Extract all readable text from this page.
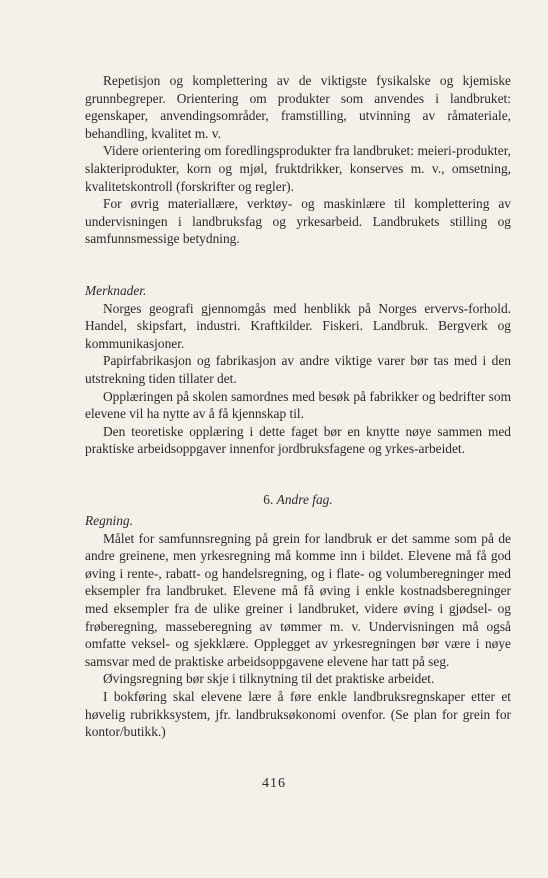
Repetisjon og komplettering av de viktigste fysikalske og kjemiske grunnbegreper. Orientering om produkter som anvendes i landbruket: egenskaper, anvendingsområder, framstilling, utvinning av råmateriale, behandling, kvalitet m. v.

Videre orientering om foredlingsprodukter fra landbruket: meieri-produkter, slakteriprodukter, korn og mjøl, fruktdrikker, konserves m. v., omsetning, kvalitetskontroll (forskrifter og regler).

For øvrig materiallære, verktøy- og maskinlære til komplettering av undervisningen i landbruksfag og yrkesarbeid. Landbrukets stilling og samfunnsmessige betydning.

Merknader.

Norges geografi gjennomgås med henblikk på Norges ervervs-forhold. Handel, skipsfart, industri. Kraftkilder. Fiskeri. Landbruk. Bergverk og kommunikasjoner.

Papirfabrikasjon og fabrikasjon av andre viktige varer bør tas med i den utstrekning tiden tillater det.

Opplæringen på skolen samordnes med besøk på fabrikker og bedrifter som elevene vil ha nytte av å få kjennskap til.

Den teoretiske opplæring i dette faget bør en knytte nøye sammen med praktiske arbeidsoppgaver innenfor jordbruksfagene og yrkes-arbeidet.

6. Andre fag.

Regning.

Målet for samfunnsregning på grein for landbruk er det samme som på de andre greinene, men yrkesregning må komme inn i bildet. Elevene må få god øving i rente-, rabatt- og handelsregning, og i flate- og volumberegninger med eksempler fra landbruket. Elevene må få øving i enkle kostnadsberegninger med eksempler fra de ulike greiner i landbruket, videre øving i gjødsel- og frøberegning, masseberegning av tømmer m. v. Undervisningen må også omfatte veksel- og sjekklære. Opplegget av yrkesregningen bør være i nøye samsvar med de praktiske arbeidsoppgavene elevene har tatt på seg.

Øvingsregning bør skje i tilknytning til det praktiske arbeidet.

I bokføring skal elevene lære å føre enkle landbruksregnskaper etter et høvelig rubrikksystem, jfr. landbruksøkonomi ovenfor. (Se plan for grein for kontor/butikk.)

416
